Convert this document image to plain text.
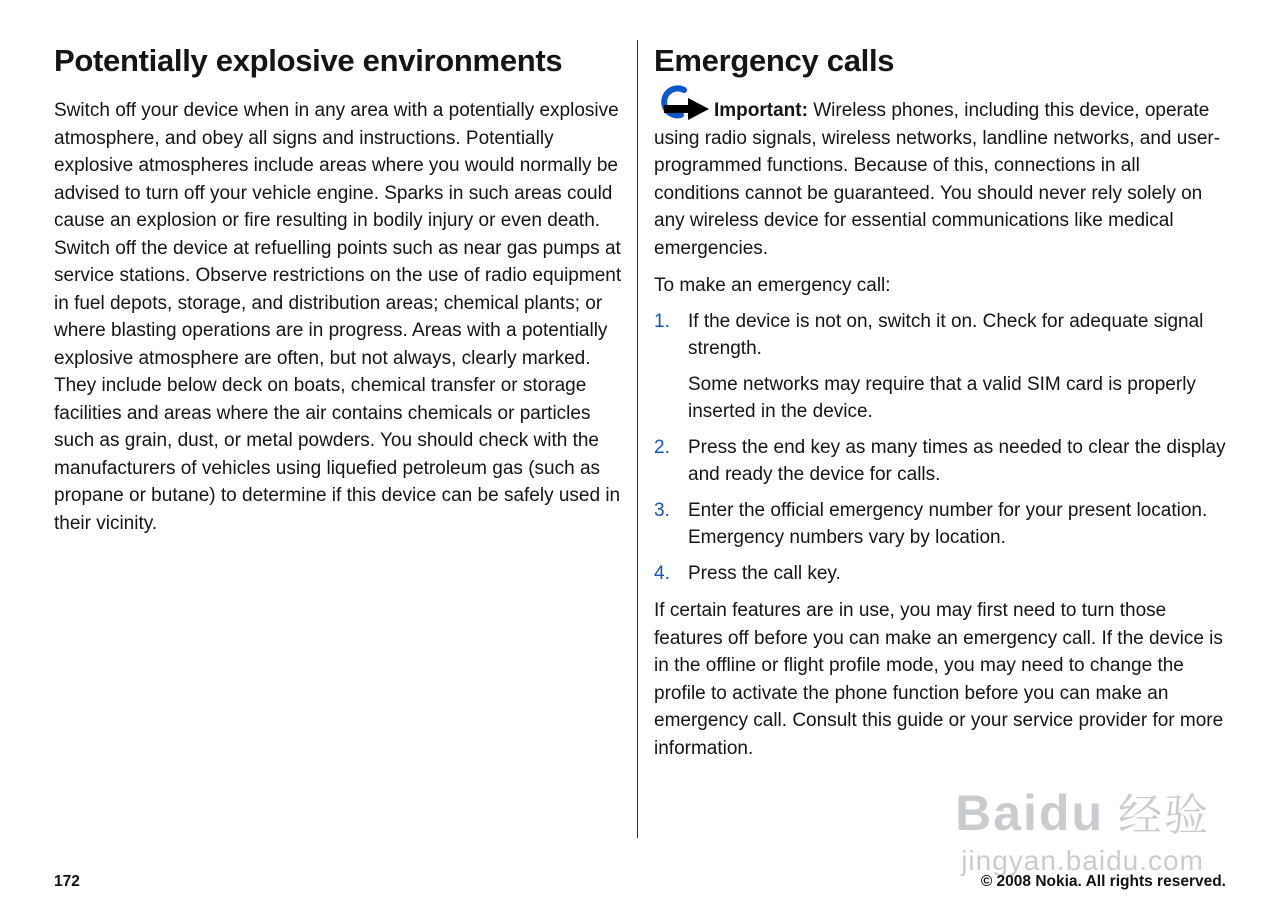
Potentially explosive environments

Switch off your device when in any area with a potentially explosive atmosphere, and obey all signs and instructions. Potentially explosive atmospheres include areas where you would normally be advised to turn off your vehicle engine. Sparks in such areas could cause an explosion or fire resulting in bodily injury or even death. Switch off the device at refuelling points such as near gas pumps at service stations. Observe restrictions on the use of radio equipment in fuel depots, storage, and distribution areas; chemical plants; or where blasting operations are in progress. Areas with a potentially explosive atmosphere are often, but not always, clearly marked. They include below deck on boats, chemical transfer or storage facilities and areas where the air contains chemicals or particles such as grain, dust, or metal powders. You should check with the manufacturers of vehicles using liquefied petroleum gas (such as propane or butane) to determine if this device can be safely used in their vicinity.

Emergency calls

Important: Wireless phones, including this device, operate using radio signals, wireless networks, landline networks, and user-programmed functions. Because of this, connections in all conditions cannot be guaranteed. You should never rely solely on any wireless device for essential communications like medical emergencies.

To make an emergency call:

1. If the device is not on, switch it on. Check for adequate signal strength.

Some networks may require that a valid SIM card is properly inserted in the device.

2. Press the end key as many times as needed to clear the display and ready the device for calls.

3. Enter the official emergency number for your present location. Emergency numbers vary by location.

4. Press the call key.

If certain features are in use, you may first need to turn those features off before you can make an emergency call. If the device is in the offline or flight profile mode, you may need to change the profile to activate the phone function before you can make an emergency call. Consult this guide or your service provider for more information.

Baidu 经验
jingyan.baidu.com
172	© 2008 Nokia. All rights reserved.
